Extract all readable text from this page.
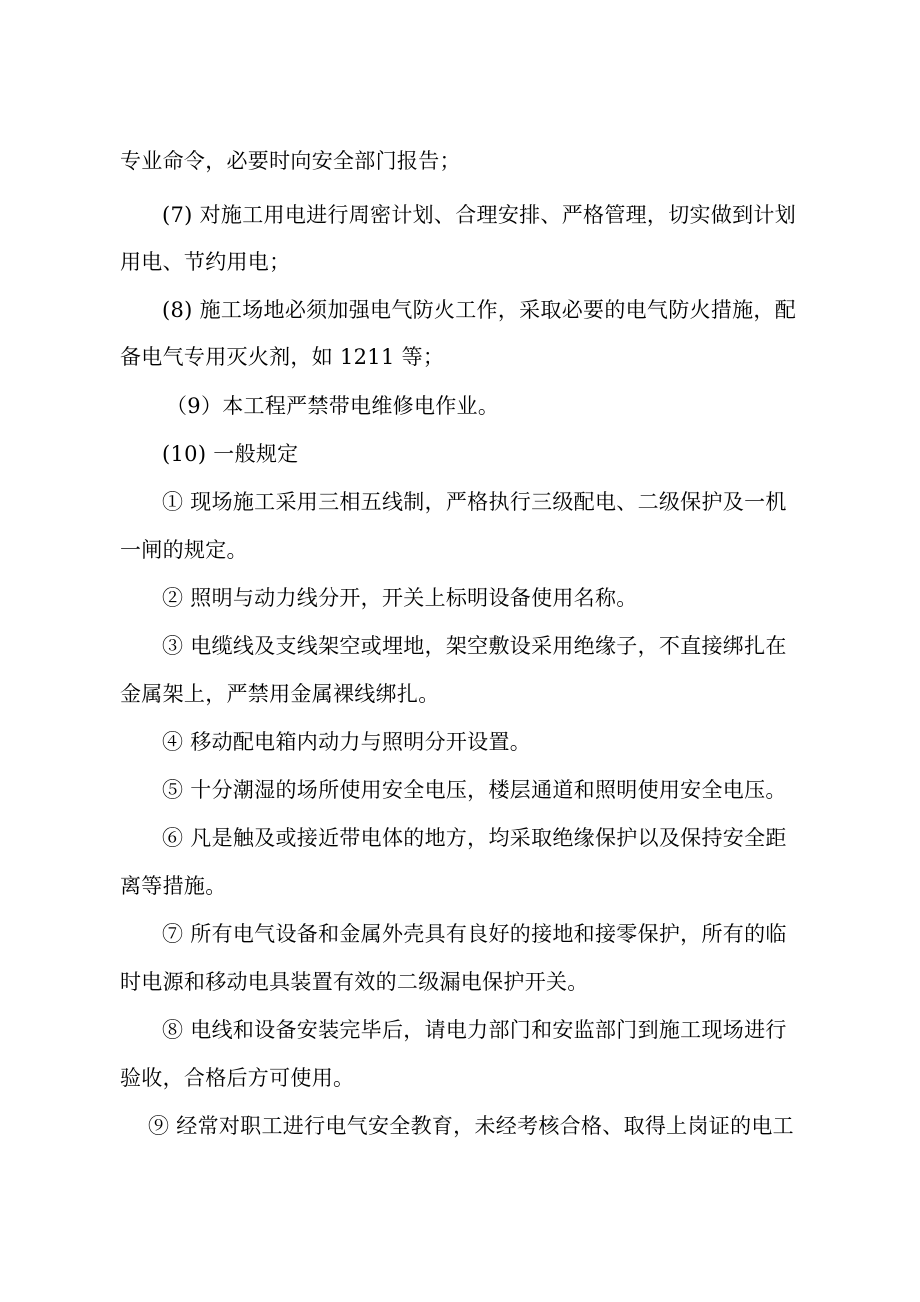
专业命令，必要时向安全部门报告；
(7) 对施工用电进行周密计划、合理安排、严格管理，切实做到计划
用电、节约用电；
(8) 施工场地必须加强电气防火工作，采取必要的电气防火措施，配
备电气专用灭火剂，如 1211 等；
（9）本工程严禁带电维修电作业。
(10) 一般规定
① 现场施工采用三相五线制，严格执行三级配电、二级保护及一机
一闸的规定。
② 照明与动力线分开，开关上标明设备使用名称。
③ 电缆线及支线架空或埋地，架空敷设采用绝缘子，不直接绑扎在
金属架上，严禁用金属裸线绑扎。
④ 移动配电箱内动力与照明分开设置。
⑤ 十分潮湿的场所使用安全电压，楼层通道和照明使用安全电压。
⑥ 凡是触及或接近带电体的地方，均采取绝缘保护以及保持安全距
离等措施。
⑦ 所有电气设备和金属外壳具有良好的接地和接零保护，所有的临
时电源和移动电具装置有效的二级漏电保护开关。
⑧ 电线和设备安装完毕后，请电力部门和安监部门到施工现场进行
验收，合格后方可使用。
⑨ 经常对职工进行电气安全教育，未经考核合格、取得上岗证的电工
